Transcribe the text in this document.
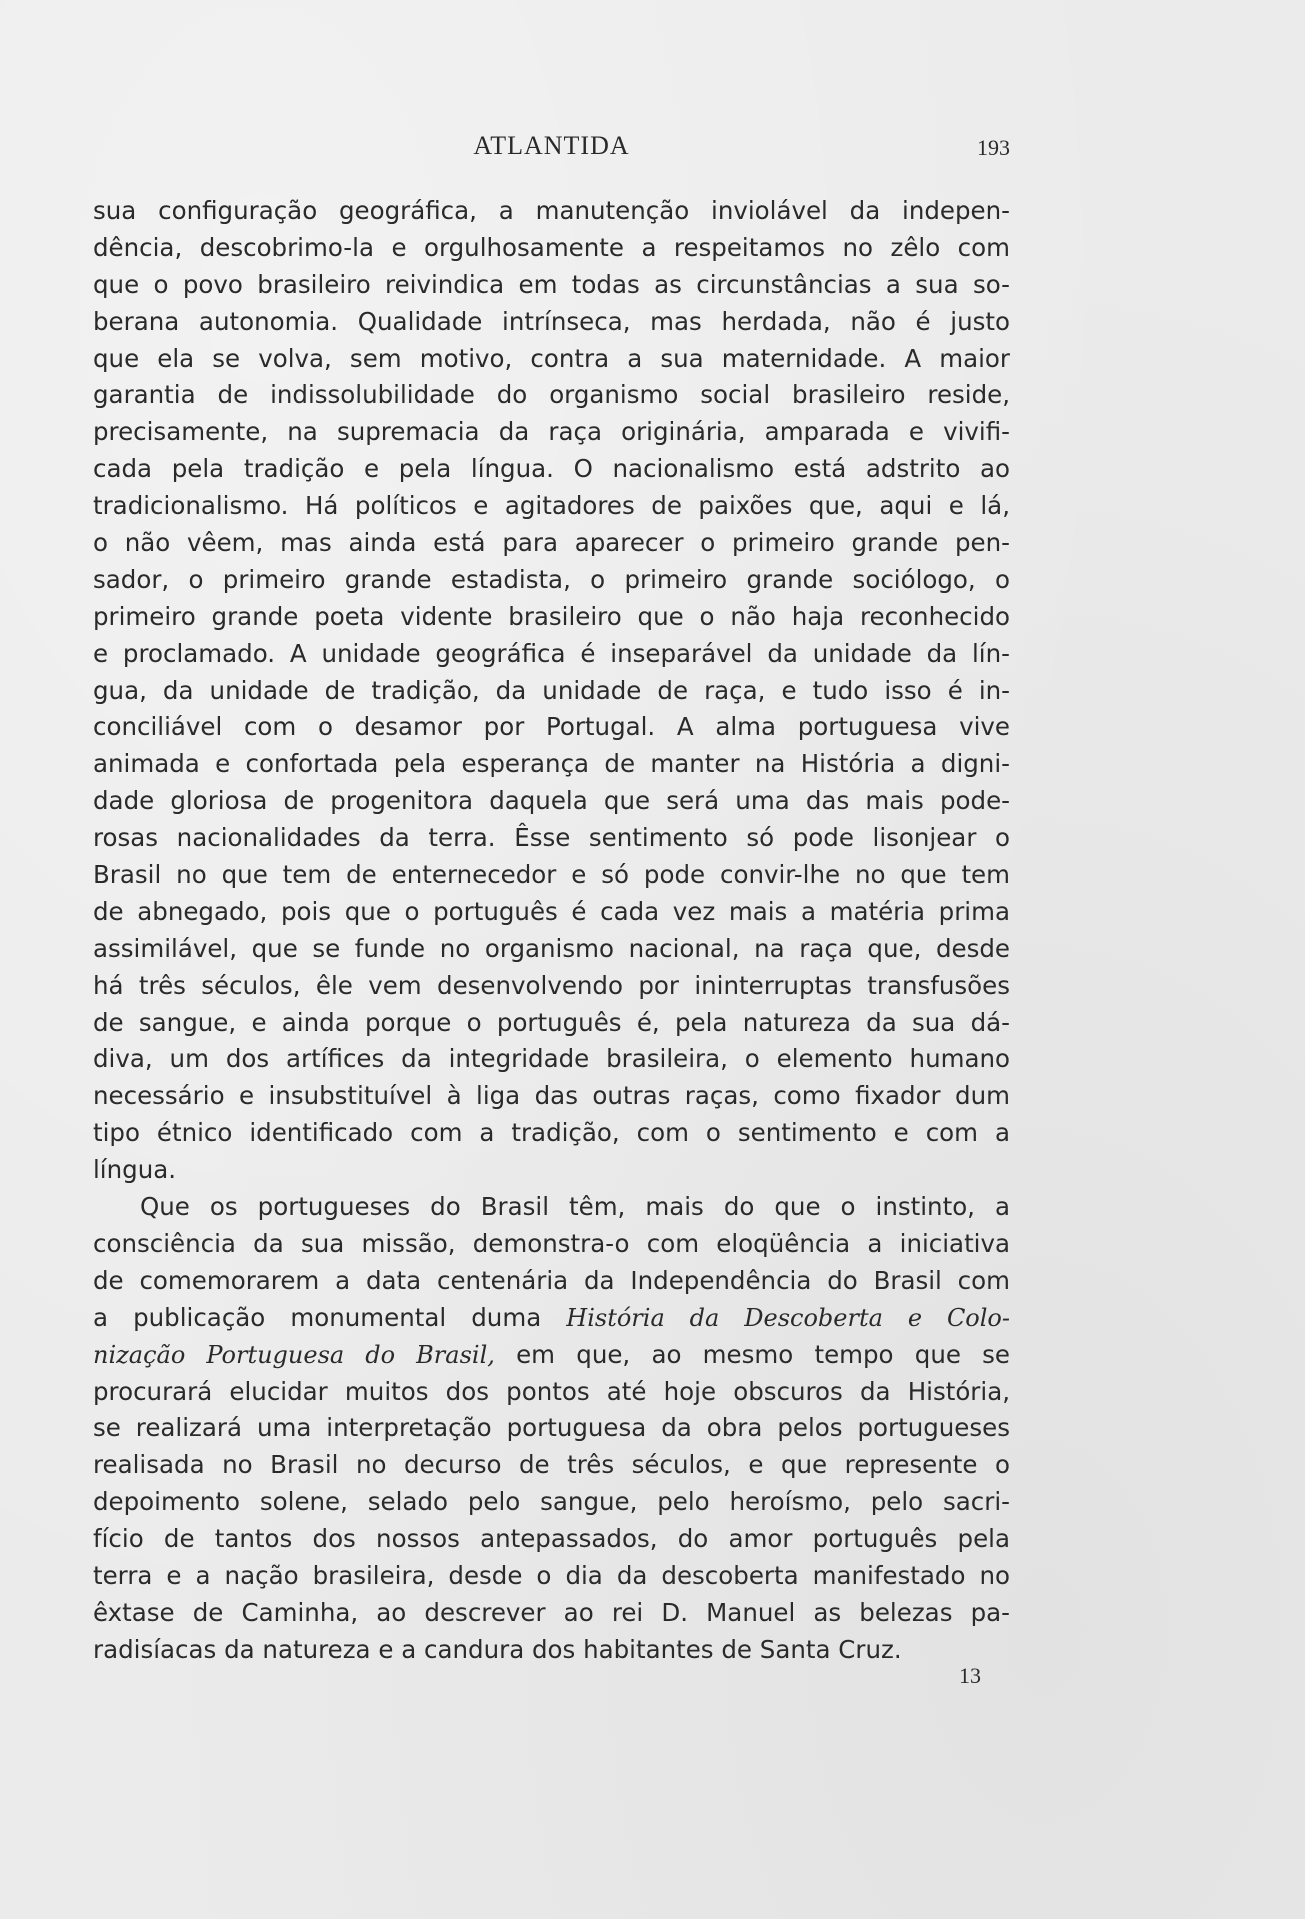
ATLANTIDA	193
sua configuração geográfica, a manutenção inviolável da indepen-
dência, descobrimo-la e orgulhosamente a respeitamos no zêlo com
que o povo brasileiro reivindica em todas as circunstâncias a sua so-
berana autonomia. Qualidade intrínseca, mas herdada, não é justo
que ela se volva, sem motivo, contra a sua maternidade. A maior
garantia de indissolubilidade do organismo social brasileiro reside,
precisamente, na supremacia da raça originária, amparada e vivifi-
cada pela tradição e pela língua. O nacionalismo está adstrito ao
tradicionalismo. Há políticos e agitadores de paixões que, aqui e lá,
o não vêem, mas ainda está para aparecer o primeiro grande pen-
sador, o primeiro grande estadista, o primeiro grande sociólogo, o
primeiro grande poeta vidente brasileiro que o não haja reconhecido
e proclamado. A unidade geográfica é inseparável da unidade da lín-
gua, da unidade de tradição, da unidade de raça, e tudo isso é in-
conciliável com o desamor por Portugal. A alma portuguesa vive
animada e confortada pela esperança de manter na História a digni-
dade gloriosa de progenitora daquela que será uma das mais pode-
rosas nacionalidades da terra. Êsse sentimento só pode lisonjear o
Brasil no que tem de enternecedor e só pode convir-lhe no que tem
de abnegado, pois que o português é cada vez mais a matéria prima
assimilável, que se funde no organismo nacional, na raça que, desde
há três séculos, êle vem desenvolvendo por ininterruptas transfusões
de sangue, e ainda porque o português é, pela natureza da sua dá-
diva, um dos artífices da integridade brasileira, o elemento humano
necessário e insubstituível à liga das outras raças, como fixador dum
tipo étnico identificado com a tradição, com o sentimento e com a
língua.
Que os portugueses do Brasil têm, mais do que o instinto, a
consciência da sua missão, demonstra-o com eloqüência a iniciativa
de comemorarem a data centenária da Independência do Brasil com
a publicação monumental duma História da Descoberta e Colo-
nização Portuguesa do Brasil, em que, ao mesmo tempo que se
procurará elucidar muitos dos pontos até hoje obscuros da História,
se realizará uma interpretação portuguesa da obra pelos portugueses
realisada no Brasil no decurso de três séculos, e que represente o
depoimento solene, selado pelo sangue, pelo heroísmo, pelo sacri-
fício de tantos dos nossos antepassados, do amor português pela
terra e a nação brasileira, desde o dia da descoberta manifestado no
êxtase de Caminha, ao descrever ao rei D. Manuel as belezas pa-
radisíacas da natureza e a candura dos habitantes de Santa Cruz.
13
